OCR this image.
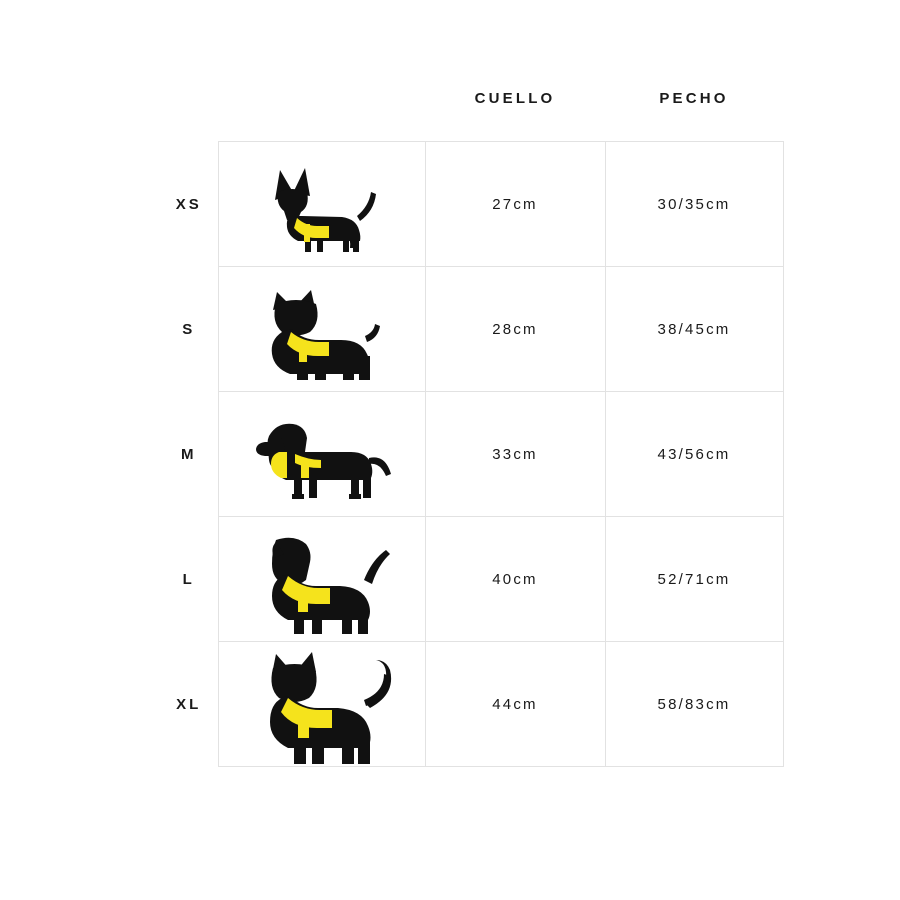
		CUELLO	PECHO
XS		27cm	30/35cm
S		28cm	38/45cm
M		33cm	43/56cm
L		40cm	52/71cm
XL		44cm	58/83cm
